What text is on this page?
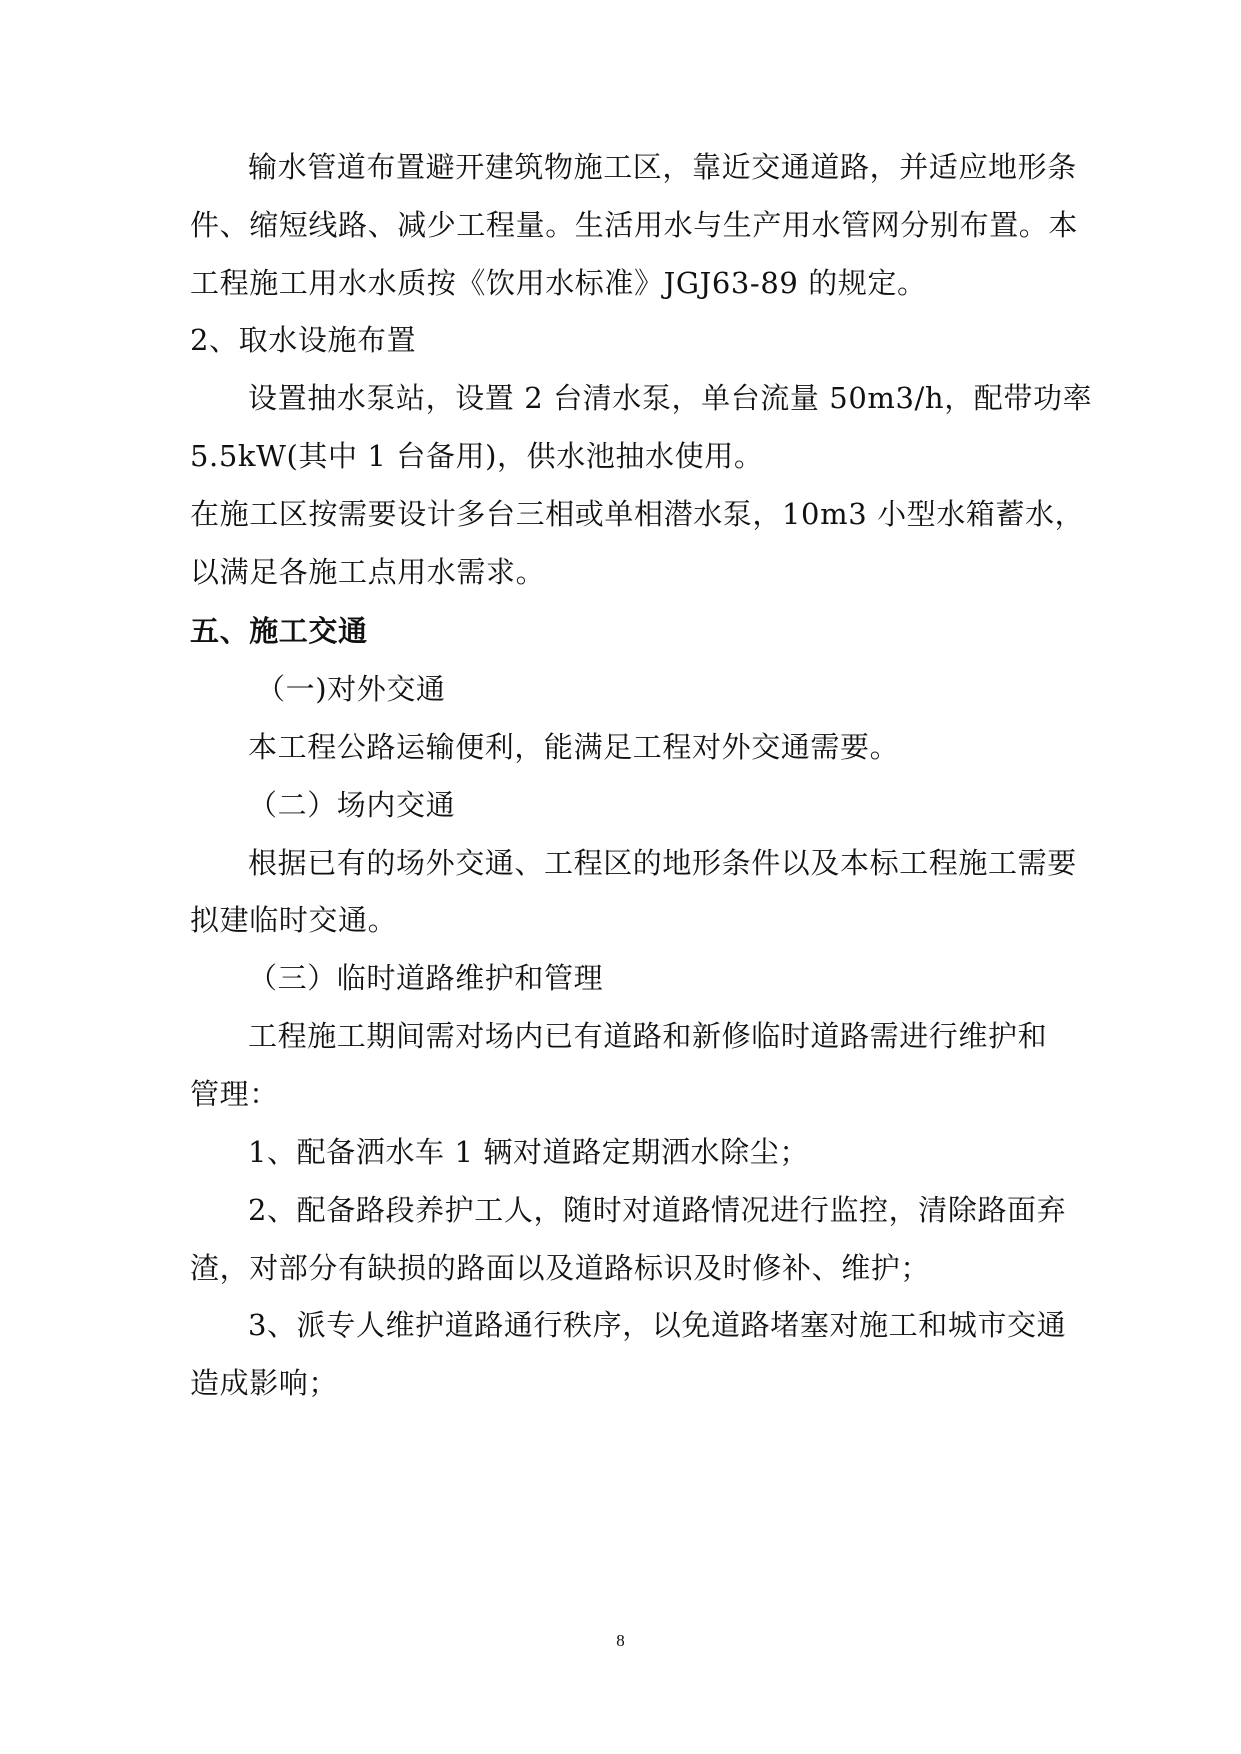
输水管道布置避开建筑物施工区，靠近交通道路，并适应地形条
件、缩短线路、减少工程量。生活用水与生产用水管网分别布置。本
工程施工用水水质按《饮用水标准》JGJ63-89 的规定。
2、取水设施布置
设置抽水泵站，设置 2 台清水泵，单台流量 50m3/h，配带功率
5.5kW(其中 1 台备用)，供水池抽水使用。
在施工区按需要设计多台三相或单相潜水泵，10m3 小型水箱蓄水，
以满足各施工点用水需求。
五、施工交通
（一)对外交通
本工程公路运输便利，能满足工程对外交通需要。
（二）场内交通
根据已有的场外交通、工程区的地形条件以及本标工程施工需要
拟建临时交通。
（三）临时道路维护和管理
工程施工期间需对场内已有道路和新修临时道路需进行维护和
管理：
1、配备洒水车 1 辆对道路定期洒水除尘；
2、配备路段养护工人，随时对道路情况进行监控，清除路面弃
渣，对部分有缺损的路面以及道路标识及时修补、维护；
3、派专人维护道路通行秩序，以免道路堵塞对施工和城市交通
造成影响；
8
